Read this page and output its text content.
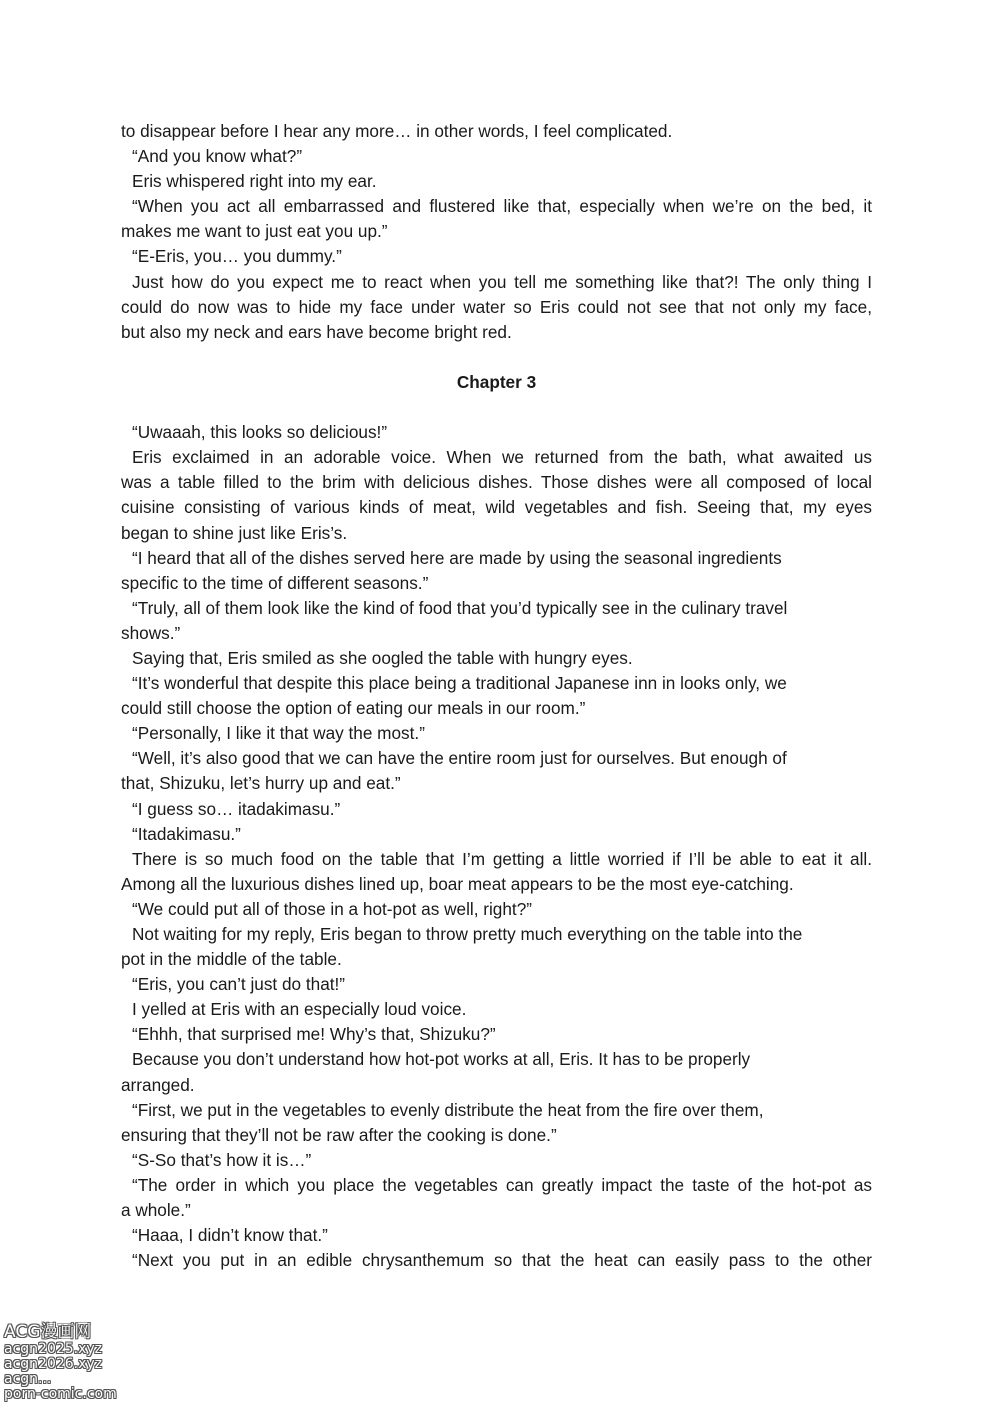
to disappear before I hear any more… in other words, I feel complicated.
“And you know what?”
Eris whispered right into my ear.
“When you act all embarrassed and flustered like that, especially when we’re on the bed, it
makes me want to just eat you up.”
“E-Eris, you… you dummy.”
Just how do you expect me to react when you tell me something like that?! The only thing I
could do now was to hide my face under water so Eris could not see that not only my face,
but also my neck and ears have become bright red.
Chapter 3
“Uwaaah, this looks so delicious!”
Eris exclaimed in an adorable voice. When we returned from the bath, what awaited us
was a table filled to the brim with delicious dishes. Those dishes were all composed of local
cuisine consisting of various kinds of meat, wild vegetables and fish. Seeing that, my eyes
began to shine just like Eris’s.
“I heard that all of the dishes served here are made by using the seasonal ingredients
specific to the time of different seasons.”
“Truly, all of them look like the kind of food that you’d typically see in the culinary travel
shows.”
Saying that, Eris smiled as she oogled the table with hungry eyes.
“It’s wonderful that despite this place being a traditional Japanese inn in looks only, we
could still choose the option of eating our meals in our room.”
“Personally, I like it that way the most.”
“Well, it’s also good that we can have the entire room just for ourselves. But enough of
that, Shizuku, let’s hurry up and eat.”
“I guess so… itadakimasu.”
“Itadakimasu.”
There is so much food on the table that I’m getting a little worried if I’ll be able to eat it all.
Among all the luxurious dishes lined up, boar meat appears to be the most eye-catching.
“We could put all of those in a hot-pot as well, right?”
Not waiting for my reply, Eris began to throw pretty much everything on the table into the
pot in the middle of the table.
“Eris, you can’t just do that!”
I yelled at Eris with an especially loud voice.
“Ehhh, that surprised me! Why’s that, Shizuku?”
Because you don’t understand how hot-pot works at all, Eris. It has to be properly
arranged.
“First, we put in the vegetables to evenly distribute the heat from the fire over them,
ensuring that they’ll not be raw after the cooking is done.”
“S-So that’s how it is…”
“The order in which you place the vegetables can greatly impact the taste of the hot-pot as
a whole.”
“Haaa, I didn’t know that.”
“Next you put in an edible chrysanthemum so that the heat can easily pass to the other
ACG漫画网
acgn2025.xyz
acgn2026.xyz
acgn...
porn-comic.com
